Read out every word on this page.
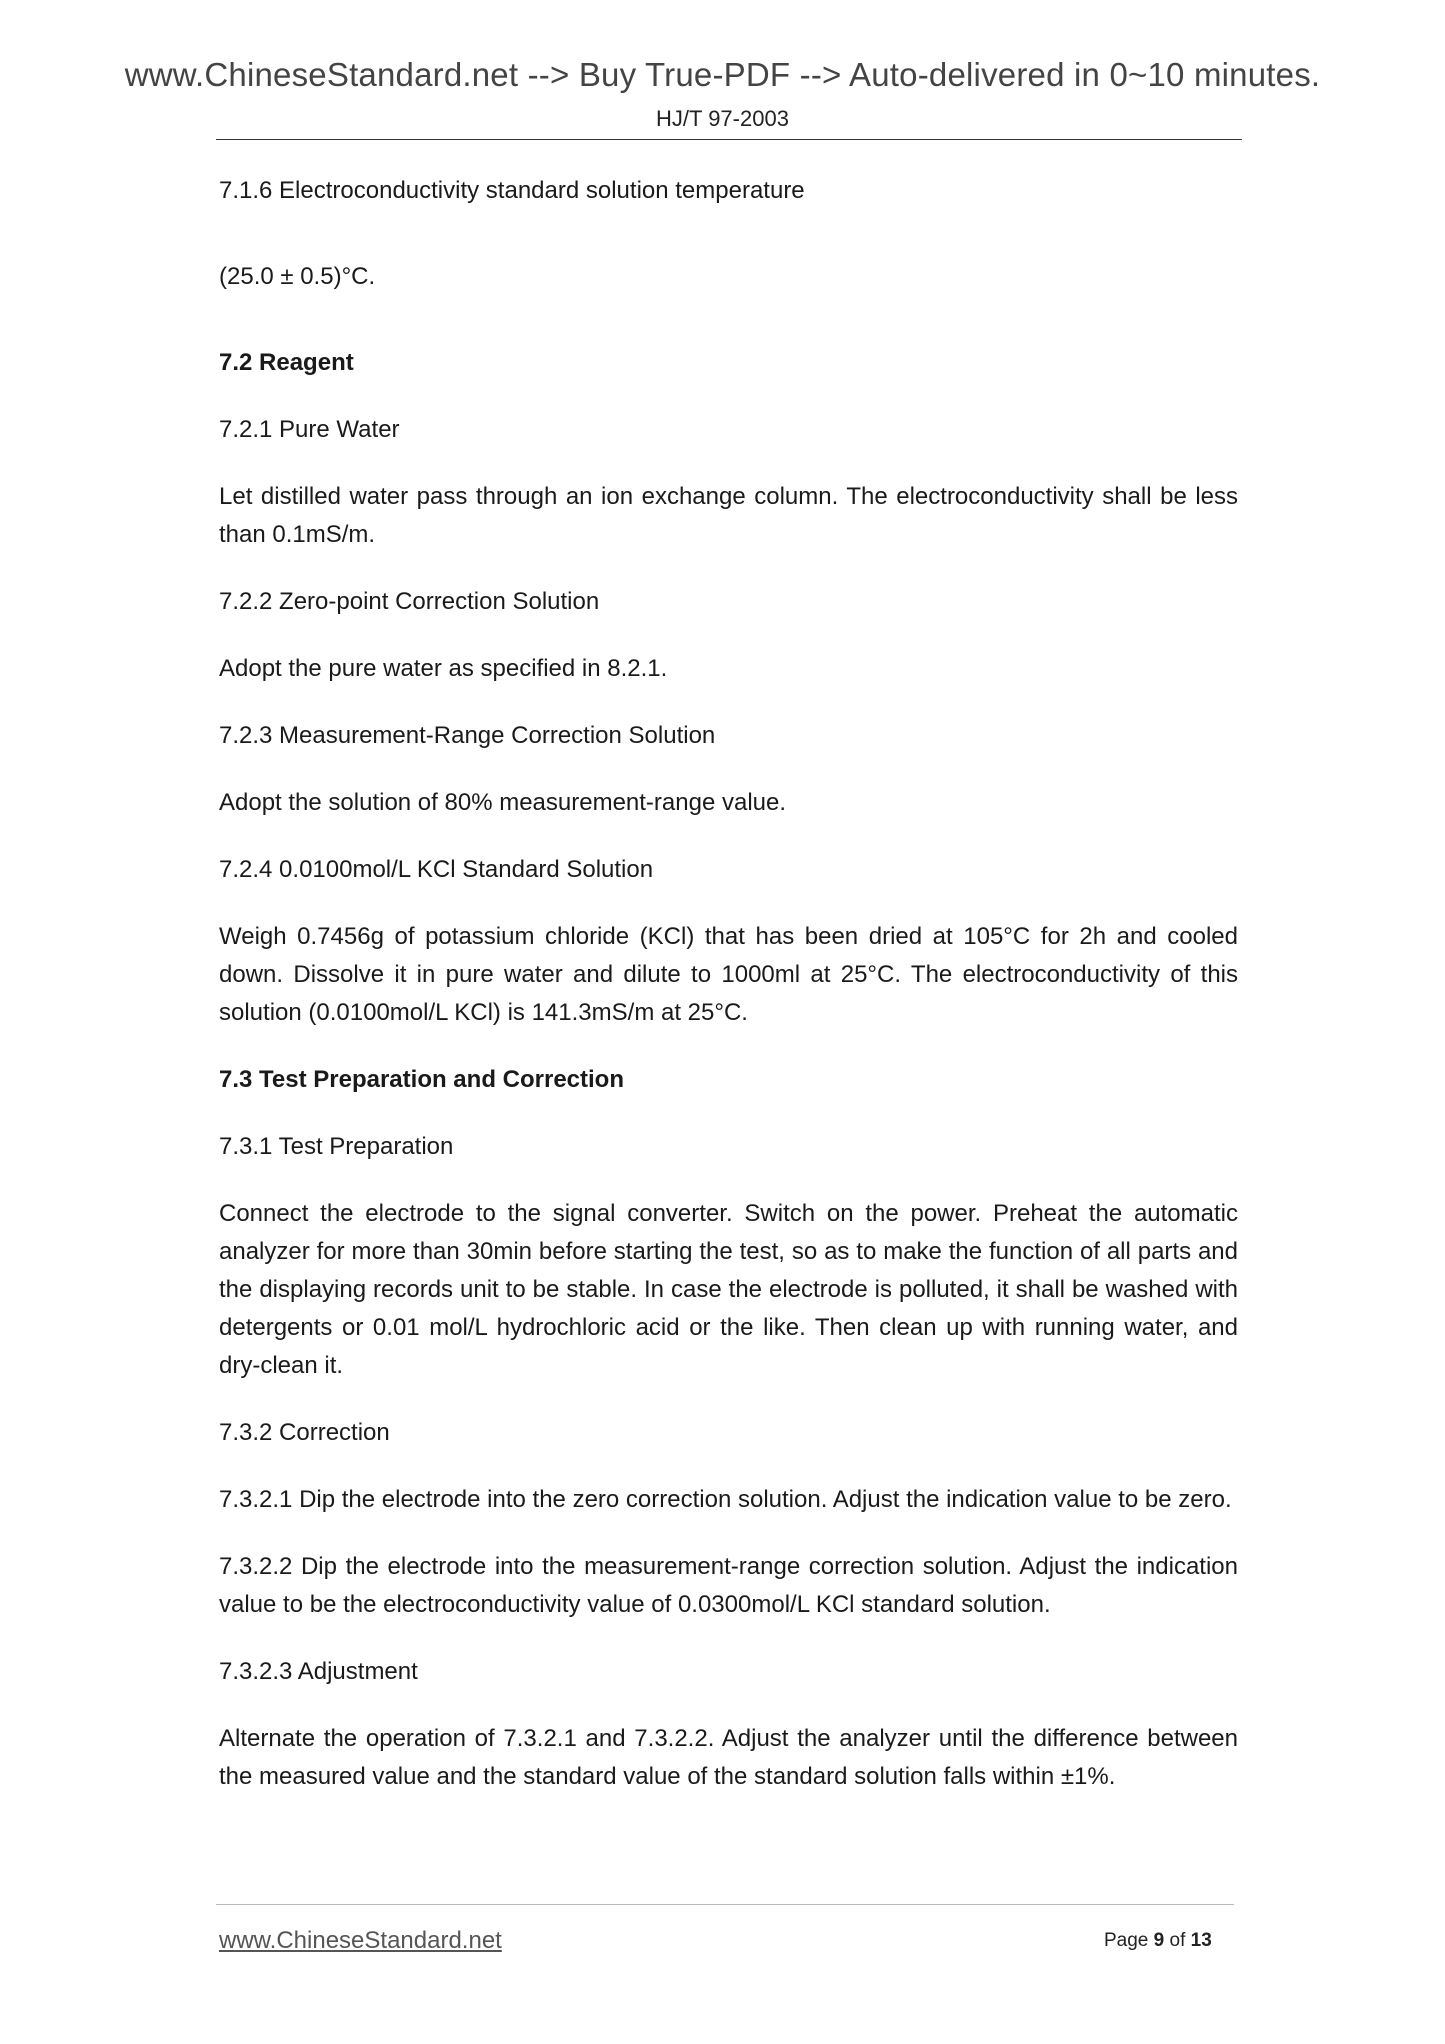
www.ChineseStandard.net --> Buy True-PDF --> Auto-delivered in 0~10 minutes.
HJ/T 97-2003

7.1.6 Electroconductivity standard solution temperature

(25.0 ± 0.5)°C.

7.2 Reagent

7.2.1 Pure Water

Let distilled water pass through an ion exchange column. The electroconductivity shall be less than 0.1mS/m.

7.2.2 Zero-point Correction Solution

Adopt the pure water as specified in 8.2.1.

7.2.3 Measurement-Range Correction Solution

Adopt the solution of 80% measurement-range value.

7.2.4 0.0100mol/L KCl Standard Solution

Weigh 0.7456g of potassium chloride (KCl) that has been dried at 105°C for 2h and cooled down. Dissolve it in pure water and dilute to 1000ml at 25°C. The electroconductivity of this solution (0.0100mol/L KCl) is 141.3mS/m at 25°C.

7.3 Test Preparation and Correction

7.3.1 Test Preparation

Connect the electrode to the signal converter. Switch on the power. Preheat the automatic analyzer for more than 30min before starting the test, so as to make the function of all parts and the displaying records unit to be stable. In case the electrode is polluted, it shall be washed with detergents or 0.01 mol/L hydrochloric acid or the like. Then clean up with running water, and dry-clean it.

7.3.2 Correction

7.3.2.1 Dip the electrode into the zero correction solution. Adjust the indication value to be zero.

7.3.2.2 Dip the electrode into the measurement-range correction solution. Adjust the indication value to be the electroconductivity value of 0.0300mol/L KCl standard solution.

7.3.2.3 Adjustment

Alternate the operation of 7.3.2.1 and 7.3.2.2. Adjust the analyzer until the difference between the measured value and the standard value of the standard solution falls within ±1%.

www.ChineseStandard.net	Page 9 of 13
